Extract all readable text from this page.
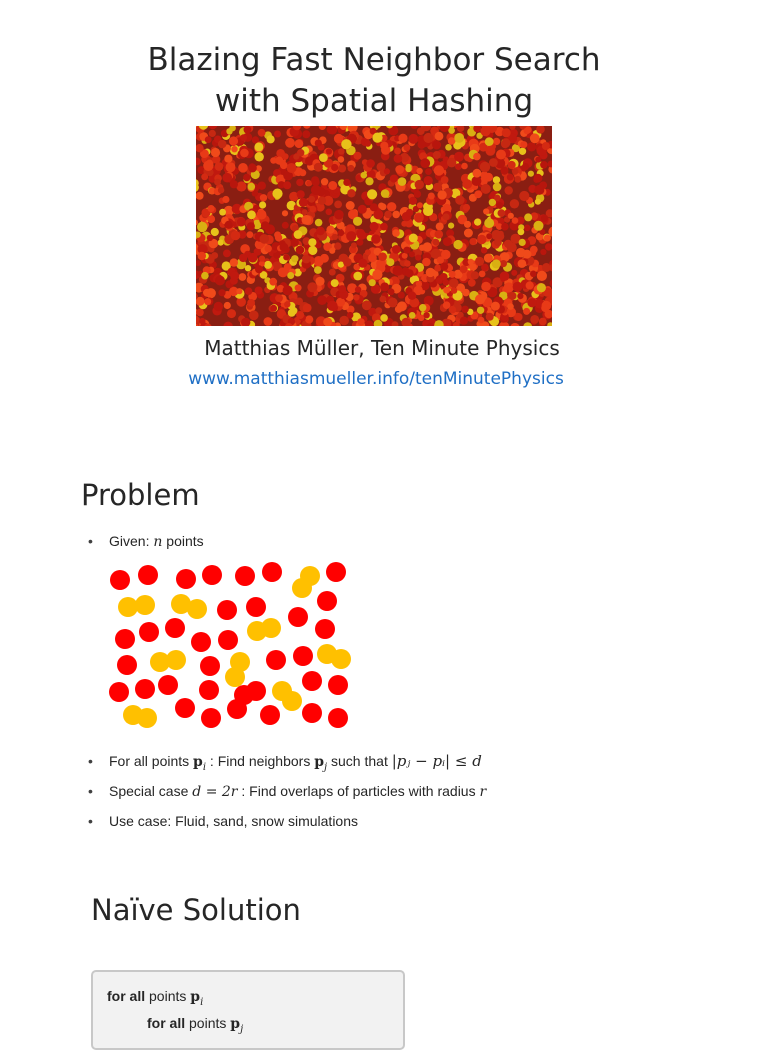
Blazing Fast Neighbor Search
with Spatial Hashing
Matthias Müller, Ten Minute Physics
www.matthiasmueller.info/tenMinutePhysics
Problem
• Given: n points
• For all points $p_i$ : Find neighbors $p_j$ such that |pⱼ − pᵢ| ≤ d
• Special case d = 2r : Find overlaps of particles with radius r
• Use case: Fluid, sand, snow simulations
Naïve Solution
for all points $p_i$
for all points $p_j$
